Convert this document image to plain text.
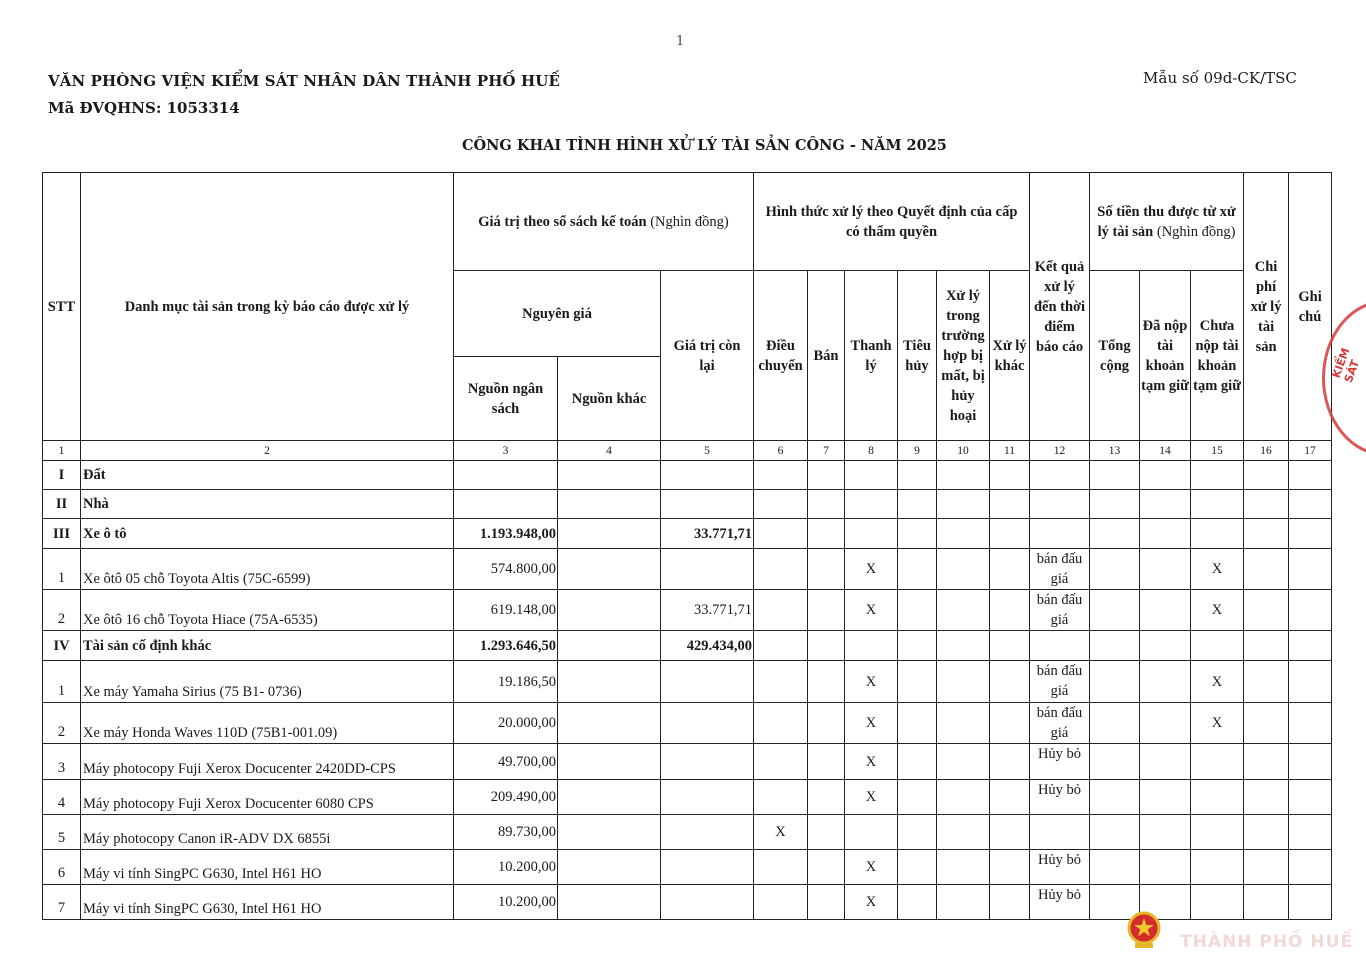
1
VĂN PHÒNG VIỆN KIỂM SÁT NHÂN DÂN THÀNH PHỐ HUẾ
Mã ĐVQHNS: 1053314
Mẫu số 09d-CK/TSC
CÔNG KHAI TÌNH HÌNH XỬ LÝ TÀI SẢN CÔNG - NĂM 2025
STT	Danh mục tài sản trong kỳ báo cáo được xử lý	Giá trị theo sổ sách kế toán (Nghìn đồng)			Hình thức xử lý theo Quyết định của cấp có thẩm quyền						Kết quả xử lý đến thời điểm báo cáo	Số tiền thu được từ xử lý tài sản (Nghìn đồng)			Chi phí xử lý tài sản	Ghi chú

		Nguyên giá		Giá trị còn lại	Điều chuyển	Bán	Thanh lý	Tiêu hủy	Xử lý trong trường hợp bị mất, bị hủy hoại	Xử lý khác		Tổng cộng	Đã nộp tài khoản tạm giữ	Chưa nộp tài khoản tạm giữ		

		Nguồn ngân sách	Nguồn khác													
1	2	3	4	5	6	7	8	9	10	11	12	13	14	15	16	17
I	Đất															
II	Nhà															
III	Xe ô tô	1.193.948,00		33.771,71												
1	Xe ôtô 05 chỗ Toyota Altis (75C-6599)	574.800,00					X				bán đấu giá			X		
2	Xe ôtô 16 chỗ Toyota Hiace (75A-6535)	619.148,00		33.771,71			X				bán đấu giá			X		
IV	Tài sản cố định khác	1.293.646,50		429.434,00												
1	Xe máy Yamaha Sirius (75 B1- 0736)	19.186,50					X				bán đấu giá			X		
2	Xe máy Honda Waves 110D (75B1-001.09)	20.000,00					X				bán đấu giá			X		
3	Máy photocopy Fuji Xerox Docucenter 2420DD-CPS	49.700,00					X				Hủy bỏ					
4	Máy photocopy Fuji Xerox Docucenter 6080 CPS	209.490,00					X				Hủy bỏ					
5	Máy photocopy Canon iR-ADV DX 6855i	89.730,00			X											
6	Máy vi tính SingPC G630, Intel H61 HO	10.200,00					X				Hủy bỏ					
7	Máy vi tính SingPC G630, Intel H61 HO	10.200,00					X				Hủy bỏ					
KIỂM SÁT
THÀNH PHỐ HUẾ
